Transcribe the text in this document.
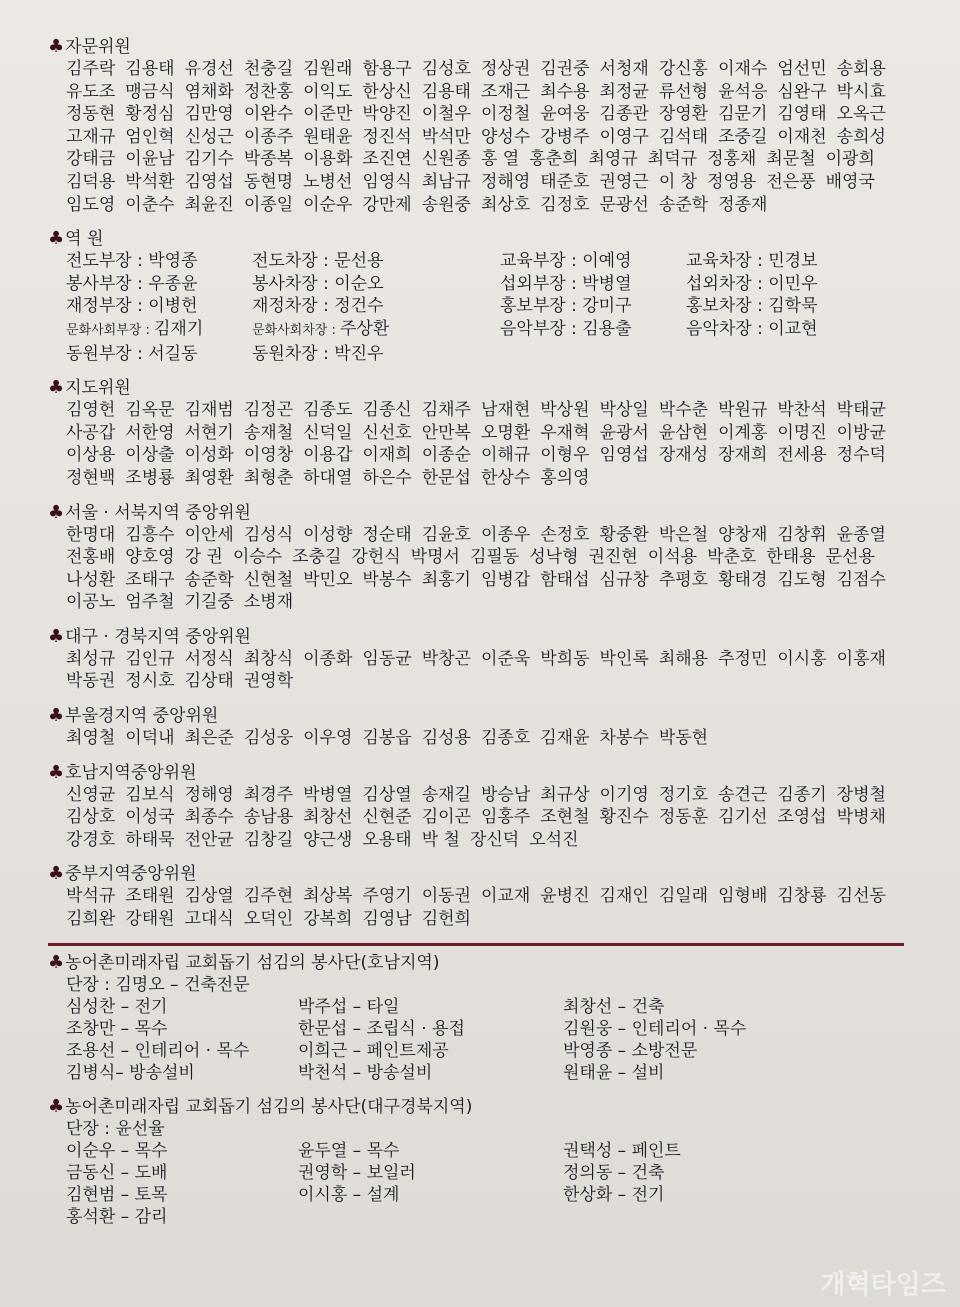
♣ 자문위원
김주락 김용태 유경선 천충길 김원래 함용구 김성호 정상권 김권중 서청재 강신홍 이재수 엄선민 송회용
유도조 맹금식 염채화 정찬홍 이익도 한상신 김용태 조재근 최수용 최정균 류선형 윤석응 심완구 박시효
정동현 황정심 김만영 이완수 이준만 박양진 이철우 이정철 윤여웅 김종관 장영환 김문기 김영태 오옥근
고재규 엄인혁 신성근 이종주 원태윤 정진석 박석만 양성수 강병주 이영구 김석태 조중길 이재천 송희성
강태금 이윤남 김기수 박종복 이용화 조진연 신원종 홍 열 홍춘희 최영규 최덕규 정홍채 최문철 이광희
김덕용 박석환 김영섭 동현명 노병선 임영식 최남규 정해영 태준호 권영근 이 창 정영용 전은풍 배영국
임도영 이춘수 최윤진 이종일 이순우 강만제 송원중 최상호 김정호 문광선 송준학 정종재
♣ 역 원
전도부장 : 박영종	전도차장 : 문선용	교육부장 : 이예영	교육차장 : 민경보
봉사부장 : 우종윤	봉사차장 : 이순오	섭외부장 : 박병열	섭외차장 : 이민우
재정부장 : 이병헌	재정차장 : 정건수	홍보부장 : 강미구	홍보차장 : 김학묵
문화사회부장 : 김재기	문화사회차장 : 주상환	음악부장 : 김용출	음악차장 : 이교현
동원부장 : 서길동	동원차장 : 박진우
♣ 지도위원
김영헌 김옥문 김재범 김정곤 김종도 김종신 김채주 남재현 박상원 박상일 박수춘 박원규 박찬석 박태균
사공갑 서한영 서현기 송재철 신덕일 신선호 안만복 오명환 우재혁 윤광서 윤삼현 이계홍 이명진 이방균
이상용 이상출 이성화 이영창 이용갑 이재희 이종순 이해규 이형우 임영섭 장재성 장재희 전세용 정수덕
정현백 조병룡 최영환 최형춘 하대열 하은수 한문섭 한상수 홍의영
♣ 서울 · 서북지역 중앙위원
한명대 김흥수 이안세 김성식 이성향 정순태 김윤호 이종우 손정호 황중환 박은철 양창재 김창휘 윤종열
전홍배 양호영 강 권 이승수 조충길 강헌식 박명서 김필동 성낙형 권진현 이석용 박춘호 한태용 문선용
나성환 조태구 송준학 신현철 박민오 박봉수 최홍기 임병갑 함태섭 심규창 추평호 황태경 김도형 김점수
이공노 엄주철 기길중 소병재
♣ 대구 · 경북지역 중앙위원
최성규 김인규 서정식 최창식 이종화 임동균 박창곤 이준욱 박희동 박인록 최해용 추정민 이시홍 이홍재
박동권 정시호 김상태 권영학
♣ 부울경지역 중앙위원
최영철 이덕내 최은준 김성웅 이우영 김봉읍 김성용 김종호 김재윤 차봉수 박동현
♣ 호남지역중앙위원
신영균 김보식 정해영 최경주 박병열 김상열 송재길 방승남 최규상 이기영 정기호 송견근 김종기 장병철
김상호 이성국 최종수 송남용 최창선 신현준 김이곤 임홍주 조현철 황진수 정동훈 김기선 조영섭 박병채
강경호 하태묵 전안균 김창길 양근생 오용태 박 철 장신덕 오석진
♣ 중부지역중앙위원
박석규 조태원 김상열 김주현 최상복 주영기 이동권 이교재 윤병진 김재인 김일래 임형배 김창룡 김선동
김희완 강태원 고대식 오덕인 강복희 김영남 김헌희
♣ 농어촌미래자립 교회돕기 섬김의 봉사단(호남지역)
단장 : 김명오 – 건축전문
심성찬 – 전기	박주섭 – 타일	최창선 – 건축
조창만 – 목수	한문섭 – 조립식 · 용접	김원웅 – 인테리어 · 목수
조용선 – 인테리어 · 목수	이희근 – 페인트제공	박영종 – 소방전문
김병식– 방송설비	박천석 – 방송설비	원태윤 – 설비
♣ 농어촌미래자립 교회돕기 섬김의 봉사단(대구경북지역)
단장 : 윤선율
이순우 – 목수	윤두열 – 목수	권택성 – 페인트
금동신 – 도배	권영학 – 보일러	정의동 – 건축
김현범 – 토목	이시홍 – 설계	한상화 – 전기
홍석환 – 감리
개혁타임즈
